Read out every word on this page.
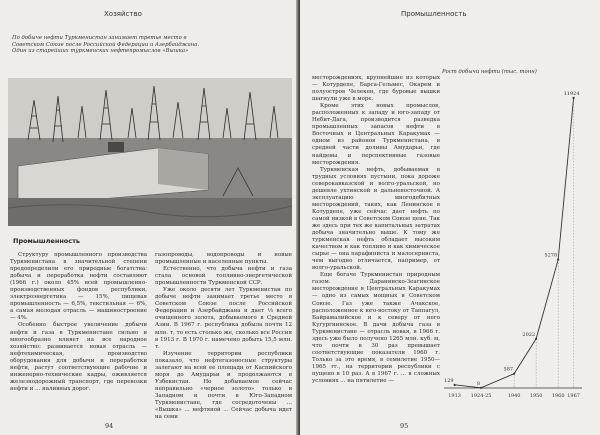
Хозяйство
По добыче нефти Туркменистан занимает третье место в Советском Союзе после Российской Федерации и Азербайджана. Один из старейших туркменских нефтепромыслов «Вышка»
Промышленность

Структуру промышленного производства Туркменистана в значительной степени предопределили его природные богатства: добыча и переработка нефти составляют (1966 г.) около 45% всей промышленно-производственных фондов республики, электроэнергетика — 15%, пищевая промышленность — 6,5%, текстильная — 6%, а самая молодая отрасль — машиностроение — 4%.

Особенно быстрое увеличение добычи нефти и газа в Туркменистане сильно и многообразно влияет на все народное хозяйство: развивается новая отрасль — нефтехимическая, производство оборудования для добычи и переработки нефти, растут соответствующие рабочие и инженерно-технические кадры, оживляется железнодорожный транспорт, где перевозки нефти и ... наливных дорог.

газопроводы, водопроводы и новые промышленные и населенные пункты.

Естественно, что добыча нефти и газа стала основой топливно-энергетической промышленности Туркменской ССР.

Уже около десяти лет Туркменистан по добыче нефти занимает третье место в Советском Союзе после Российской Федерации и Азербайджана и дает ⅓ всего очищенного золота, добываемого в Средней Азии. В 1967 г. республика добыла почти 12 млн. т, то есть столько же, сколько все Россия в 1913 г. В 1970 г. намечено добыть 15,5 млн. т.

Изучение территории республики показало, что нефтегазоносные структуры залегают на всей ее площади от Каспийского моря до Амударьи и продолжаются в Узбекистан. Но добываемое сейчас неправильно «черное золото» только в Западном и почти в Юго-Западном Туркменистане, где сосредоточены ... «Вышка» ... нефтяной ... Сейчас добыча идет на семи

94
Промышленность

месторождениях, крупнейшие из которых — Котурдепе, Барса-Гельмес, Окарем и полуостров Челекен, где буровые вышки шагнули уже в море.

Кроме этих новых промыслов, расположенных к западу и юго-западу от Небит-Дага, производится разведка промышленных запасов нефти в Восточных и Центральных Каракумах — одном из районов Туркменистана, в средней части долины Амударьи, где найдены и перспективные газовые месторождения.

Туркменская нефть, добываемая в трудных условиях пустыни, пока дороже северокавказской и волго-уральской, но дешевле ухтинской и дальневосточной. А эксплуатацию многодебитных месторождений, таких, как Ленинское в Котурдепе, уже сейчас дает нефть по самой низкой в Советском Союзе цене. Так же здесь при тех же капитальных затратах добыча значительно выше. К тому же туркменская нефть обладает высоким качеством и как топливо и как химическое сырье — она парафиниста и малосерниста, чем выгодно отличается, например, от волго-уральской.

Еще богаче Туркменистан природным газом. Даранинско-Зеагинское месторождение в Центральных Каракумах — одно из самых мощных в Советском Союзе. Газ уже также Ачакское, расположенное к юго-востоку от Таппагул, Байрамалийское и к северу от него Кугургиинское. В дачи добыча газа в Туркменистане — отрасль новая, в 1966 г. здесь уже было получено 1265 млн. куб. м, что почти в 30 раз превышает соответствующие показатели 1960 г. Только за это время, в семилетие 1950—1965 гг., на территории республики с пущено в 10 раз. А в 1967 г. ... в сложных условиях ... на пятилетие —

95
Рост добычи нефти (тыс. тонн)
129
1913
8
1924-25
587
1940
2022
1950
5278
1960
11924
1967
